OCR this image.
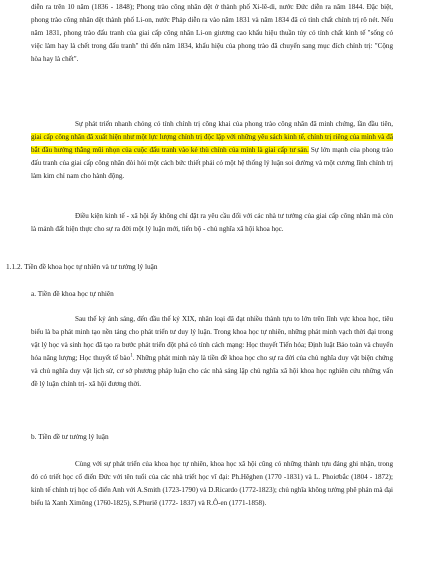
diễn ra trên 10 năm (1836 - 1848); Phong trào công nhân dệt ở thành phố Xi-lê-di, nước Đức diễn ra năm 1844. Đặc biệt, phong trào công nhân dệt thành phố Li-on, nước Pháp diễn ra vào năm 1831 và năm 1834 đã có tính chất chính trị rõ nét. Nếu năm 1831, phong trào đấu tranh của giai cấp công nhân Li-on giương cao khẩu hiệu thuần túy có tính chất kinh tế "sống có việc làm hay là chết trong đấu tranh" thì đến năm 1834, khẩu hiệu của phong trào đã chuyển sang mục đích chính trị: "Cộng hòa hay là chết".

Sự phát triển nhanh chóng có tính chính trị công khai của phong trào công nhân đã minh chứng, lần đầu tiên, giai cấp công nhân đã xuất hiện như một lực lượng chính trị độc lập với những yêu sách kinh tế, chính trị riêng của mình và đã bắt đầu hướng thẳng mũi nhọn của cuộc đấu tranh vào kẻ thù chính của mình là giai cấp tư sản. Sự lớn mạnh của phong trào đấu tranh của giai cấp công nhân đòi hỏi một cách bức thiết phải có một hệ thống lý luận soi đường và một cương lĩnh chính trị làm kim chỉ nam cho hành động.

Điều kiện kinh tế - xã hội ấy không chỉ đặt ra yêu cầu đối với các nhà tư tưởng của giai cấp công nhân mà còn là mảnh đất hiện thực cho sự ra đời một lý luận mới, tiến bộ - chủ nghĩa xã hội khoa học.

1.1.2. Tiền đề khoa học tự nhiên và tư tưởng lý luận
a. Tiền đề khoa học tự nhiên

Sau thế kỷ ánh sáng, đến đầu thế kỷ XIX, nhân loại đã đạt nhiều thành tựu to lớn trên lĩnh vực khoa học, tiêu biểu là ba phát minh tạo nền tảng cho phát triển tư duy lý luận. Trong khoa học tự nhiên, những phát minh vạch thời đại trong vật lý học và sinh học đã tạo ra bước phát triển đột phá có tính cách mạng: Học thuyết Tiến hóa; Định luật Bảo toàn và chuyển hóa năng lượng; Học thuyết tế bào$^1$. Những phát minh này là tiền đề khoa học cho sự ra đời của chủ nghĩa duy vật biện chứng và chủ nghĩa duy vật lịch sử, cơ sở phương pháp luận cho các nhà sáng lập chủ nghĩa xã hội khoa học nghiên cứu những vấn đề lý luận chính trị- xã hội đương thời.

b. Tiền đề tư tưởng lý luận

Cùng với sự phát triển của khoa học tự nhiên, khoa học xã hội cũng có những thành tựu đáng ghi nhận, trong đó có triết học cổ điển Đức với tên tuổi của các nhà triết học vĩ đại: Ph.Hêghen (1770 -1831) và L. Phoiơbắc (1804 - 1872); kinh tế chính trị học cổ điển Anh với A.Smith (1723-1790) và D.Ricardo (1772-1823); chủ nghĩa không tưởng phê phán mà đại biểu là Xanh Ximông (1760-1825), S.Phuriê (1772- 1837) và R.Ô-en (1771-1858).
